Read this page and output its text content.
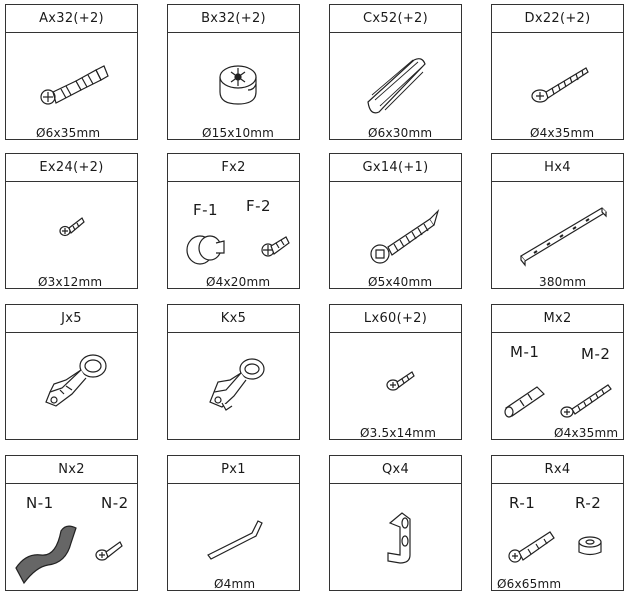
Ax32(+2)
Ø6x35mm
Bx32(+2)
Ø15x10mm
Cx52(+2)
Ø6x30mm
Dx22(+2)
Ø4x35mm
Ex24(+2)
Ø3x12mm
Fx2
F-1 F-2
Ø4x20mm
Gx14(+1)
Ø5x40mm
Hx4
380mm
Jx5	Kx5	Lx60(+2)
Ø3.5x14mm
Mx2
M-1	M-2
Ø4x35mm
Nx2
N-1	N-2
Px1
Ø4mm
Qx4	Rx4
R-1	R-2
Ø6x65mm
